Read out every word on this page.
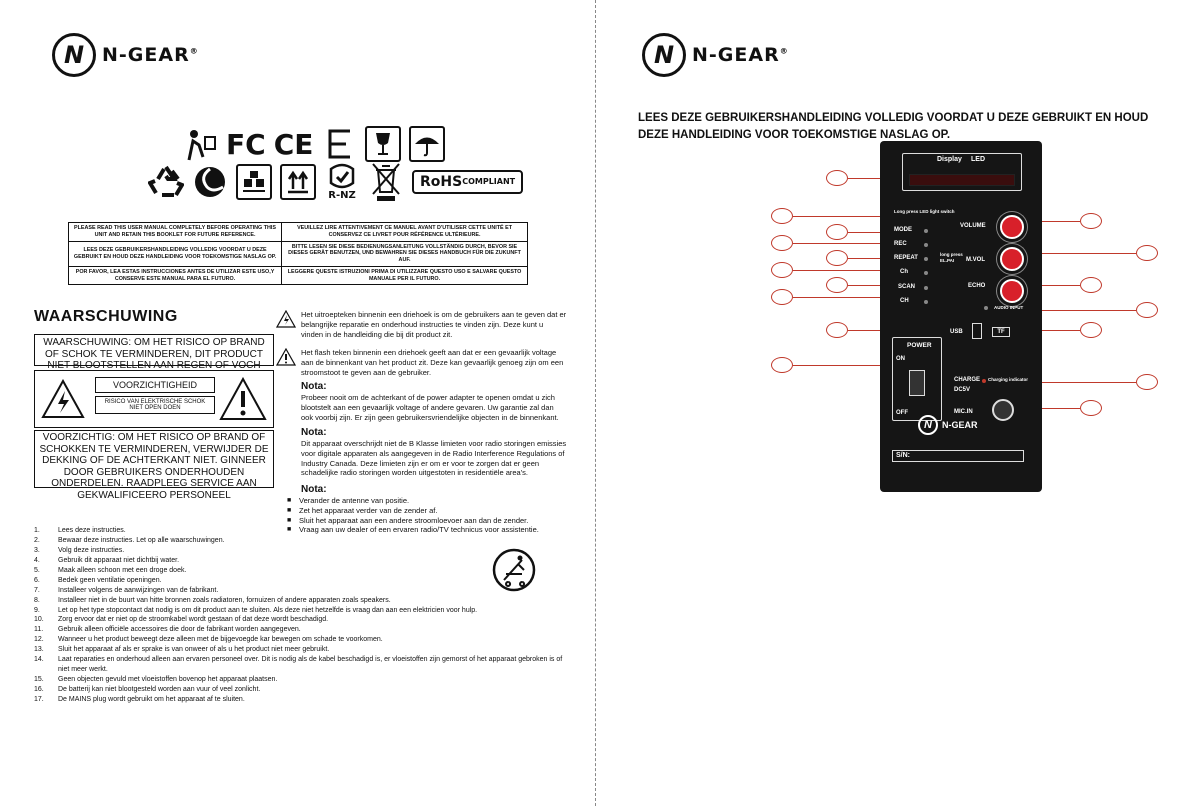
N N-GEAR®
FC CE
R-NZ
RoHS COMPLIANT
PLEASE READ THIS USER MANUAL COMPLETELY BEFORE OPERATING THIS UNIT AND RETAIN THIS BOOKLET FOR FUTURE REFERENCE.	VEUILLEZ LIRE ATTENTIVEMENT CE MANUEL AVANT D'UTILISER CETTE UNITÉ ET CONSERVEZ CE LIVRET POUR RÉFÉRENCE ULTÉRIEURE.
LEES DEZE GEBRUIKERSHANDLEIDING VOLLEDIG VOORDAT U DEZE GEBRUIKT EN HOUD DEZE HANDLEIDING VOOR TOEKOMSTIGE NASLAG OP.	BITTE LESEN SIE DIESE BEDIENUNGSANLEITUNG VOLLSTÄNDIG DURCH, BEVOR SIE DIESES GERÄT BENUTZEN, UND BEWAHREN SIE DIESES HANDBUCH FÜR DIE ZUKUNFT AUF.
POR FAVOR, LEA ESTAS INSTRUCCIONES ANTES DE UTILIZAR ESTE USO,Y CONSERVE ESTE MANUAL PARA EL FUTURO.	LEGGERE QUESTE ISTRUZIONI PRIMA DI UTILIZZARE QUESTO USO E SALVARE QUESTO MANUALE PER IL FUTURO.
WAARSCHUWING
WAARSCHUWING: OM HET RISICO OP BRAND OF SCHOK TE VERMINDEREN, DIT PRODUCT NIET BLOOTSTELLEN AAN REGEN OF VOCH
VOORZICHTIGHEID
RISICO VAN ELEKTRISCHE SCHOK NIET OPEN DOEN
VOORZICHTIG: OM HET RISICO OP BRAND OF SCHOKKEN TE VERMINDEREN, VERWIJDER DE DEKKING OF DE ACHTERKANT NIET. GINNEER DOOR GEBRUIKERS ONDERHOUDEN ONDERDELEN. RAADPLEEG SERVICE AAN GEKWALIFICEERO PERSONEEL
Het uitroepteken binnenin een driehoek is om de gebruikers aan te geven dat er belangrijke reparatie en onderhoud instructies te vinden zijn. Deze kunt u vinden in de handleiding die bij dit product zit.
Het flash teken binnenin een driehoek geeft aan dat er een gevaarlijk voltage aan de binnenkant van het product zit. Deze kan gevaarlijk genoeg zijn om een stroomstoot te geven aan de gebruiker.
Nota:
Probeer nooit om de achterkant of de power adapter te openen omdat u zich blootstelt aan een gevaarlijk voltage of andere gevaren. Uw garantie zal dan ook voorbij zijn. Er zijn geen gebruikersvriendelijke objecten in de binnenkant.
Nota:
Dit apparaat overschrijdt niet de B Klasse limieten voor radio storingen emissies voor digitale apparaten als aangegeven in de Radio Interference Regulations of Industry Canada. Deze limieten zijn er om er voor te zorgen dat er geen schadelijke radio storingen worden uitgestoten in residentiële area's.
Nota:
■ Verander de antenne van positie.
■ Zet het apparaat verder van de zender af.
■ Sluit het apparaat aan een andere stroomloevoer aan dan de zender.
■ Vraag aan uw dealer of een ervaren radio/TV technicus voor assistentie.
1.	Lees deze instructies.
2.	Bewaar deze instructies. Let op alle waarschuwingen.
3.	Volg deze instructies.
4.	Gebruik dit apparaat niet dichtbij water.
5.	Maak alleen schoon met een droge doek.
6.	Bedek geen ventilatie openingen.
7.	Installeer volgens de aanwijzingen van de fabrikant.
8.	Installeer niet in de buurt van hitte bronnen zoals radiatoren, fornuizen of andere apparaten zoals speakers.
9.	Let op het type stopcontact dat nodig is om dit product aan te sluiten. Als deze niet hetzelfde is vraag dan aan een elektricien voor hulp.
10.	Zorg ervoor dat er niet op de stroomkabel wordt gestaan of dat deze wordt beschadigd.
11.	Gebruik alleen officiële accessoires die door de fabrikant worden aangegeven.
12.	Wanneer u het product beweegt deze alleen met de bijgevoegde kar bewegen om schade te voorkomen.
13.	Sluit het apparaat af als er sprake is van onweer of als u het product niet meer gebruikt.
14.	Laat reparaties en onderhoud alleen aan ervaren personeel over. Dit is nodig als de kabel beschadigd is, er vloeistoffen zijn gemorst of het apparaat gebroken is of niet meer werkt.
15.	Geen objecten gevuld met vloeistoffen bovenop het apparaat plaatsen.
16.	De batterij kan niet blootgesteld worden aan vuur of veel zonlicht.
17.	De MAINS plug wordt gebruikt om het apparaat af te sluiten.
N N-GEAR®
LEES DEZE GEBRUIKERSHANDLEIDING VOLLEDIG VOORDAT U DEZE GEBRUIKT EN HOUD DEZE HANDLEIDING VOOR TOEKOMSTIGE NASLAG OP.
Display LED
Long press LED light switch
MODE
REC
REPEAT
long press
EL.PAI
Ch
SCAN
CH
VOLUME
M.VOL
ECHO
AUDIO INPUT
USB	TF
POWER
ON
OFF
CHARGE
DC5V
Charging indicator
MIC.IN
N N-GEAR
S/N:
